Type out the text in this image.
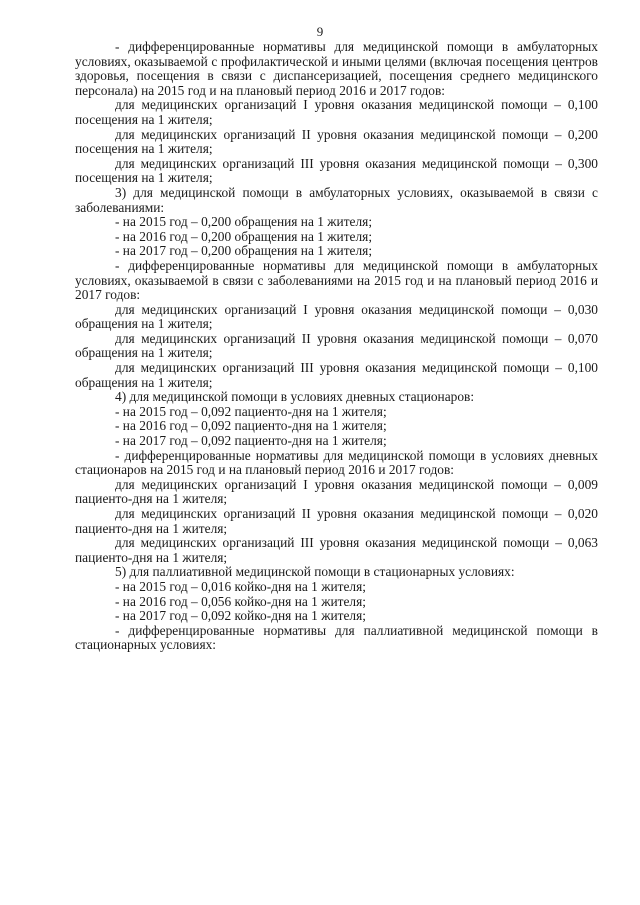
9

- дифференцированные нормативы для медицинской помощи в амбулаторных условиях, оказываемой с профилактической и иными целями (включая посещения центров здоровья, посещения в связи с диспансеризацией, посещения среднего медицинского персонала) на 2015 год и на плановый период 2016 и 2017 годов:

для медицинских организаций I уровня оказания медицинской помощи – 0,100 посещения на 1 жителя;

для медицинских организаций II уровня оказания медицинской помощи – 0,200 посещения на 1 жителя;

для медицинских организаций III уровня оказания медицинской помощи – 0,300 посещения на 1 жителя;

3) для медицинской помощи в амбулаторных условиях, оказываемой в связи с заболеваниями:

- на 2015 год – 0,200 обращения на 1 жителя;

- на 2016 год – 0,200 обращения на 1 жителя;

- на 2017 год – 0,200 обращения на 1 жителя;

- дифференцированные нормативы для медицинской помощи в амбулаторных условиях, оказываемой в связи с заболеваниями на 2015 год и на плановый период 2016 и 2017 годов:

для медицинских организаций I уровня оказания медицинской помощи – 0,030 обращения на 1 жителя;

для медицинских организаций II уровня оказания медицинской помощи – 0,070 обращения на 1 жителя;

для медицинских организаций III уровня оказания медицинской помощи – 0,100 обращения на 1 жителя;

4) для медицинской помощи в условиях дневных стационаров:

- на 2015 год – 0,092 пациенто-дня на 1 жителя;

- на 2016 год – 0,092 пациенто-дня на 1 жителя;

- на 2017 год – 0,092 пациенто-дня на 1 жителя;

- дифференцированные нормативы для медицинской помощи в условиях дневных стационаров на 2015 год и на плановый период 2016 и 2017 годов:

для медицинских организаций I уровня оказания медицинской помощи – 0,009 пациенто-дня на 1 жителя;

для медицинских организаций II уровня оказания медицинской помощи – 0,020 пациенто-дня на 1 жителя;

для медицинских организаций III уровня оказания медицинской помощи – 0,063 пациенто-дня на 1 жителя;

5) для паллиативной медицинской помощи в стационарных условиях:

- на 2015 год – 0,016 койко-дня на 1 жителя;

- на 2016 год – 0,056 койко-дня на 1 жителя;

- на 2017 год – 0,092 койко-дня на 1 жителя;

- дифференцированные нормативы для паллиативной медицинской помощи в стационарных условиях:
